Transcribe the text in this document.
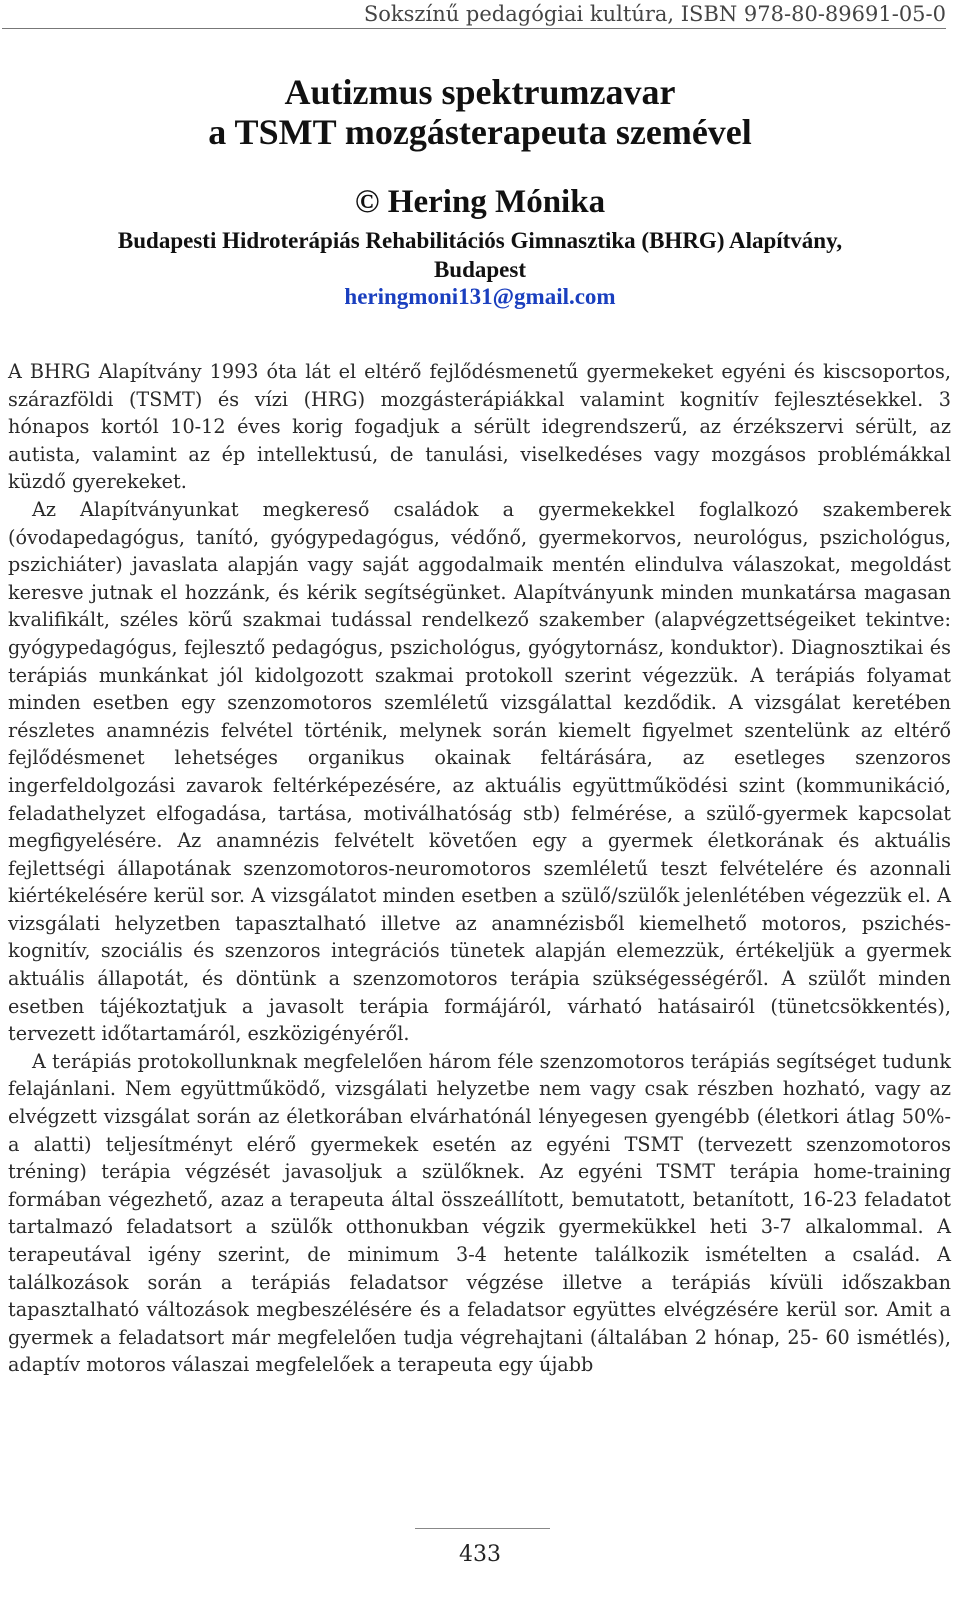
Sokszínű pedagógiai kultúra, ISBN 978-80-89691-05-0
Autizmus spektrumzavar
a TSMT mozgásterapeuta szemével
© Hering Mónika
Budapesti Hidroterápiás Rehabilitációs Gimnasztika (BHRG) Alapítvány,
Budapest
heringmoni131@gmail.com

A BHRG Alapítvány 1993 óta lát el eltérő fejlődésmenetű gyermekeket egyéni és kiscsoportos, szárazföldi (TSMT) és vízi (HRG) mozgásterápiákkal valamint kognitív fejlesztésekkel. 3 hónapos kortól 10-12 éves korig fogadjuk a sérült idegrendszerű, az érzékszervi sérült, az autista, valamint az ép intellektusú, de tanulási, viselkedéses vagy mozgásos problémákkal küzdő gyerekeket.

Az Alapítványunkat megkereső családok a gyermekekkel foglalkozó szakemberek (óvodapedagógus, tanító, gyógypedagógus, védőnő, gyermekorvos, neurológus, pszichológus, pszichiáter) javaslata alapján vagy saját aggodalmaik mentén elindulva válaszokat, megoldást keresve jutnak el hozzánk, és kérik segítségünket. Alapítványunk minden munkatársa magasan kvalifikált, széles körű szakmai tudással rendelkező szakember (alapvégzettségeiket tekintve: gyógypedagógus, fejlesztő pedagógus, pszichológus, gyógytornász, konduktor). Diagnosztikai és terápiás munkánkat jól kidolgozott szakmai protokoll szerint végezzük. A terápiás folyamat minden esetben egy szenzomotoros szemléletű vizsgálattal kezdődik. A vizsgálat keretében részletes anamnézis felvétel történik, melynek során kiemelt figyelmet szentelünk az eltérő fejlődésmenet lehetséges organikus okainak feltárására, az esetleges szenzoros ingerfeldolgozási zavarok feltérképezésére, az aktuális együttműködési szint (kommunikáció, feladathelyzet elfogadása, tartása, motiválhatóság stb) felmérése, a szülő-gyermek kapcsolat megfigyelésére. Az anamnézis felvételt követően egy a gyermek életkorának és aktuális fejlettségi állapotának szenzomotoros-neuromotoros szemléletű teszt felvételére és azonnali kiértékelésére kerül sor. A vizsgálatot minden esetben a szülő/szülők jelenlétében végezzük el. A vizsgálati helyzetben tapasztalható illetve az anamnézisből kiemelhető motoros, pszichés-kognitív, szociális és szenzoros integrációs tünetek alapján elemezzük, értékeljük a gyermek aktuális állapotát, és döntünk a szenzomotoros terápia szükségességéről. A szülőt minden esetben tájékoztatjuk a javasolt terápia formájáról, várható hatásairól (tünetcsökkentés), tervezett időtartamáról, eszközigényéről.

A terápiás protokollunknak megfelelően három féle szenzomotoros terápiás segítséget tudunk felajánlani. Nem együttműködő, vizsgálati helyzetbe nem vagy csak részben hozható, vagy az elvégzett vizsgálat során az életkorában elvárhatónál lényegesen gyengébb (életkori átlag 50%-a alatti) teljesítményt elérő gyermekek esetén az egyéni TSMT (tervezett szenzomotoros tréning) terápia végzését javasoljuk a szülőknek. Az egyéni TSMT terápia home-training formában végezhető, azaz a terapeuta által összeállított, bemutatott, betanított, 16-23 feladatot tartalmazó feladatsort a szülők otthonukban végzik gyermekükkel heti 3-7 alkalommal. A terapeutával igény szerint, de minimum 3-4 hetente találkozik ismételten a család. A találkozások során a terápiás feladatsor végzése illetve a terápiás kívüli időszakban tapasztalható változások megbeszélésére és a feladatsor együttes elvégzésére kerül sor. Amit a gyermek a feladatsort már megfelelően tudja végrehajtani (általában 2 hónap, 25- 60 ismétlés), adaptív motoros válaszai megfelelőek a terapeuta egy újabb

433
